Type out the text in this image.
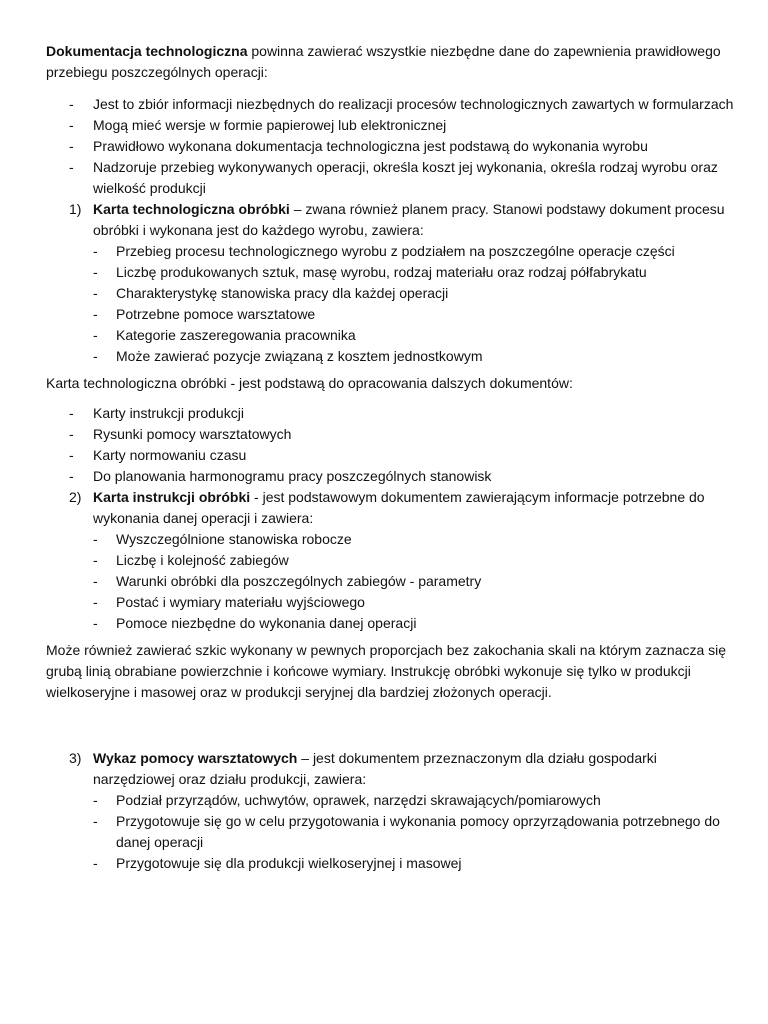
Dokumentacja technologiczna powinna zawierać wszystkie niezbędne dane do zapewnienia prawidłowego przebiegu poszczególnych operacji:

- Jest to zbiór informacji niezbędnych do realizacji procesów technologicznych zawartych w formularzach
- Mogą mieć wersje w formie papierowej lub elektronicznej
- Prawidłowo wykonana dokumentacja technologiczna jest podstawą do wykonania wyrobu
- Nadzoruje przebieg wykonywanych operacji, określa koszt jej wykonania, określa rodzaj wyrobu oraz wielkość produkcji
1) Karta technologiczna obróbki – zwana również planem pracy. Stanowi podstawy dokument procesu obróbki i wykonana jest do każdego wyrobu, zawiera:
- Przebieg procesu technologicznego wyrobu z podziałem na poszczególne operacje części
- Liczbę produkowanych sztuk, masę wyrobu, rodzaj materiału oraz rodzaj półfabrykatu
- Charakterystykę stanowiska pracy dla każdej operacji
- Potrzebne pomoce warsztatowe
- Kategorie zaszeregowania pracownika
- Może zawierać pozycje związaną z kosztem jednostkowym

Karta technologiczna obróbki - jest podstawą do opracowania dalszych dokumentów:

- Karty instrukcji produkcji
- Rysunki pomocy warsztatowych
- Karty normowaniu czasu
- Do planowania harmonogramu pracy poszczególnych stanowisk
2) Karta instrukcji obróbki - jest podstawowym dokumentem zawierającym informacje potrzebne do wykonania danej operacji i zawiera:
- Wyszczególnione stanowiska robocze
- Liczbę i kolejność zabiegów
- Warunki obróbki dla poszczególnych zabiegów - parametry
- Postać i wymiary materiału wyjściowego
- Pomoce niezbędne do wykonania danej operacji

Może również zawierać szkic wykonany w pewnych proporcjach bez zakochania skali na którym zaznacza się grubą linią obrabiane powierzchnie i końcowe wymiary. Instrukcję obróbki wykonuje się tylko w produkcji wielkoseryjne i masowej oraz w produkcji seryjnej dla bardziej złożonych operacji.

3) Wykaz pomocy warsztatowych – jest dokumentem przeznaczonym dla działu gospodarki narzędziowej oraz działu produkcji, zawiera:
- Podział przyrządów, uchwytów, oprawek, narzędzi skrawających/pomiarowych
- Przygotowuje się go w celu przygotowania i wykonania pomocy oprzyrządowania potrzebnego do danej operacji
- Przygotowuje się dla produkcji wielkoseryjnej i masowej
